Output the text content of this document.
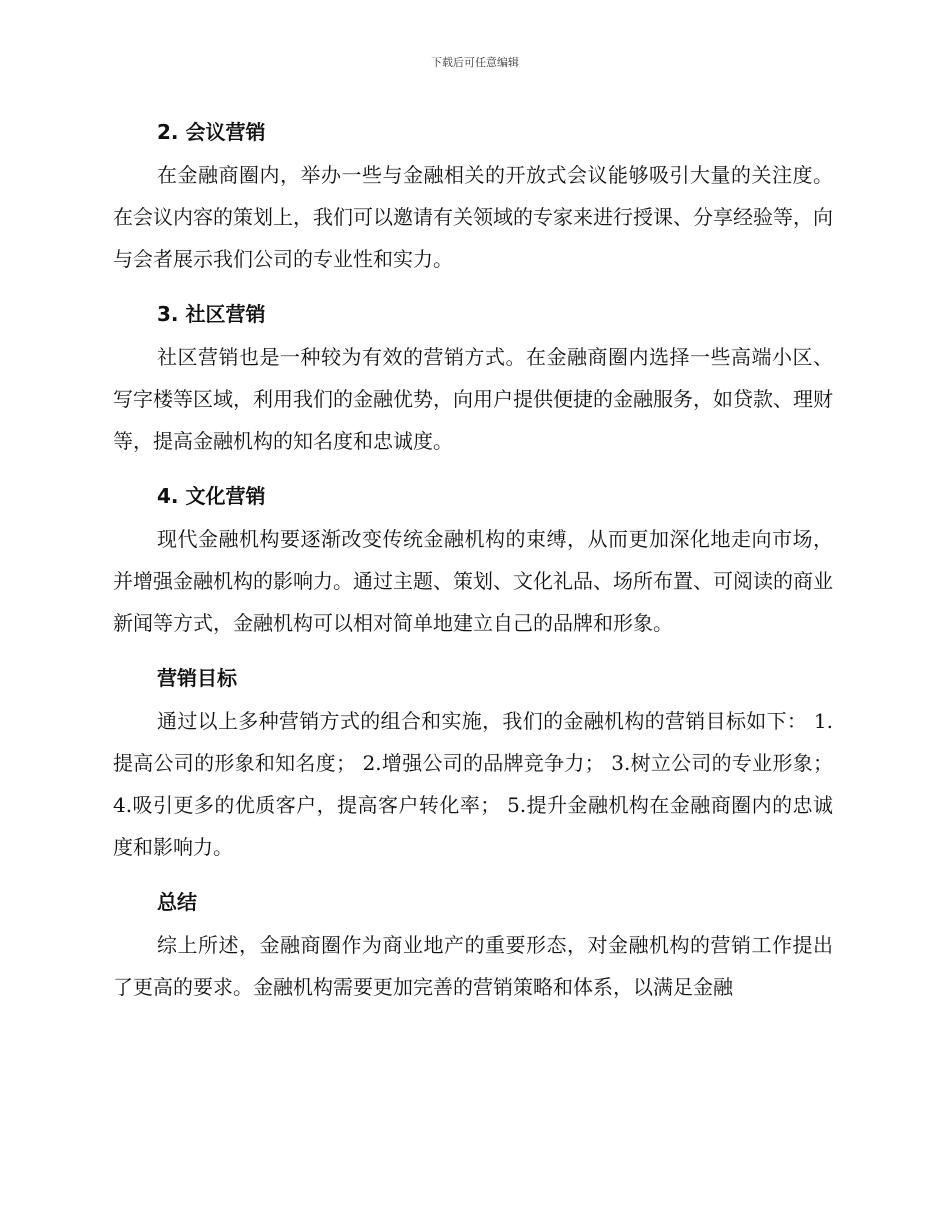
下载后可任意编辑
2. 会议营销

在金融商圈内，举办一些与金融相关的开放式会议能够吸引大量的关注度。在会议内容的策划上，我们可以邀请有关领域的专家来进行授课、分享经验等，向与会者展示我们公司的专业性和实力。

3. 社区营销

社区营销也是一种较为有效的营销方式。在金融商圈内选择一些高端小区、写字楼等区域，利用我们的金融优势，向用户提供便捷的金融服务，如贷款、理财等，提高金融机构的知名度和忠诚度。

4. 文化营销

现代金融机构要逐渐改变传统金融机构的束缚，从而更加深化地走向市场，并增强金融机构的影响力。通过主题、策划、文化礼品、场所布置、可阅读的商业新闻等方式，金融机构可以相对简单地建立自己的品牌和形象。

营销目标

通过以上多种营销方式的组合和实施，我们的金融机构的营销目标如下： 1.提高公司的形象和知名度； 2.增强公司的品牌竞争力； 3.树立公司的专业形象； 4.吸引更多的优质客户，提高客户转化率； 5.提升金融机构在金融商圈内的忠诚度和影响力。

总结

综上所述，金融商圈作为商业地产的重要形态，对金融机构的营销工作提出了更高的要求。金融机构需要更加完善的营销策略和体系，以满足金融
